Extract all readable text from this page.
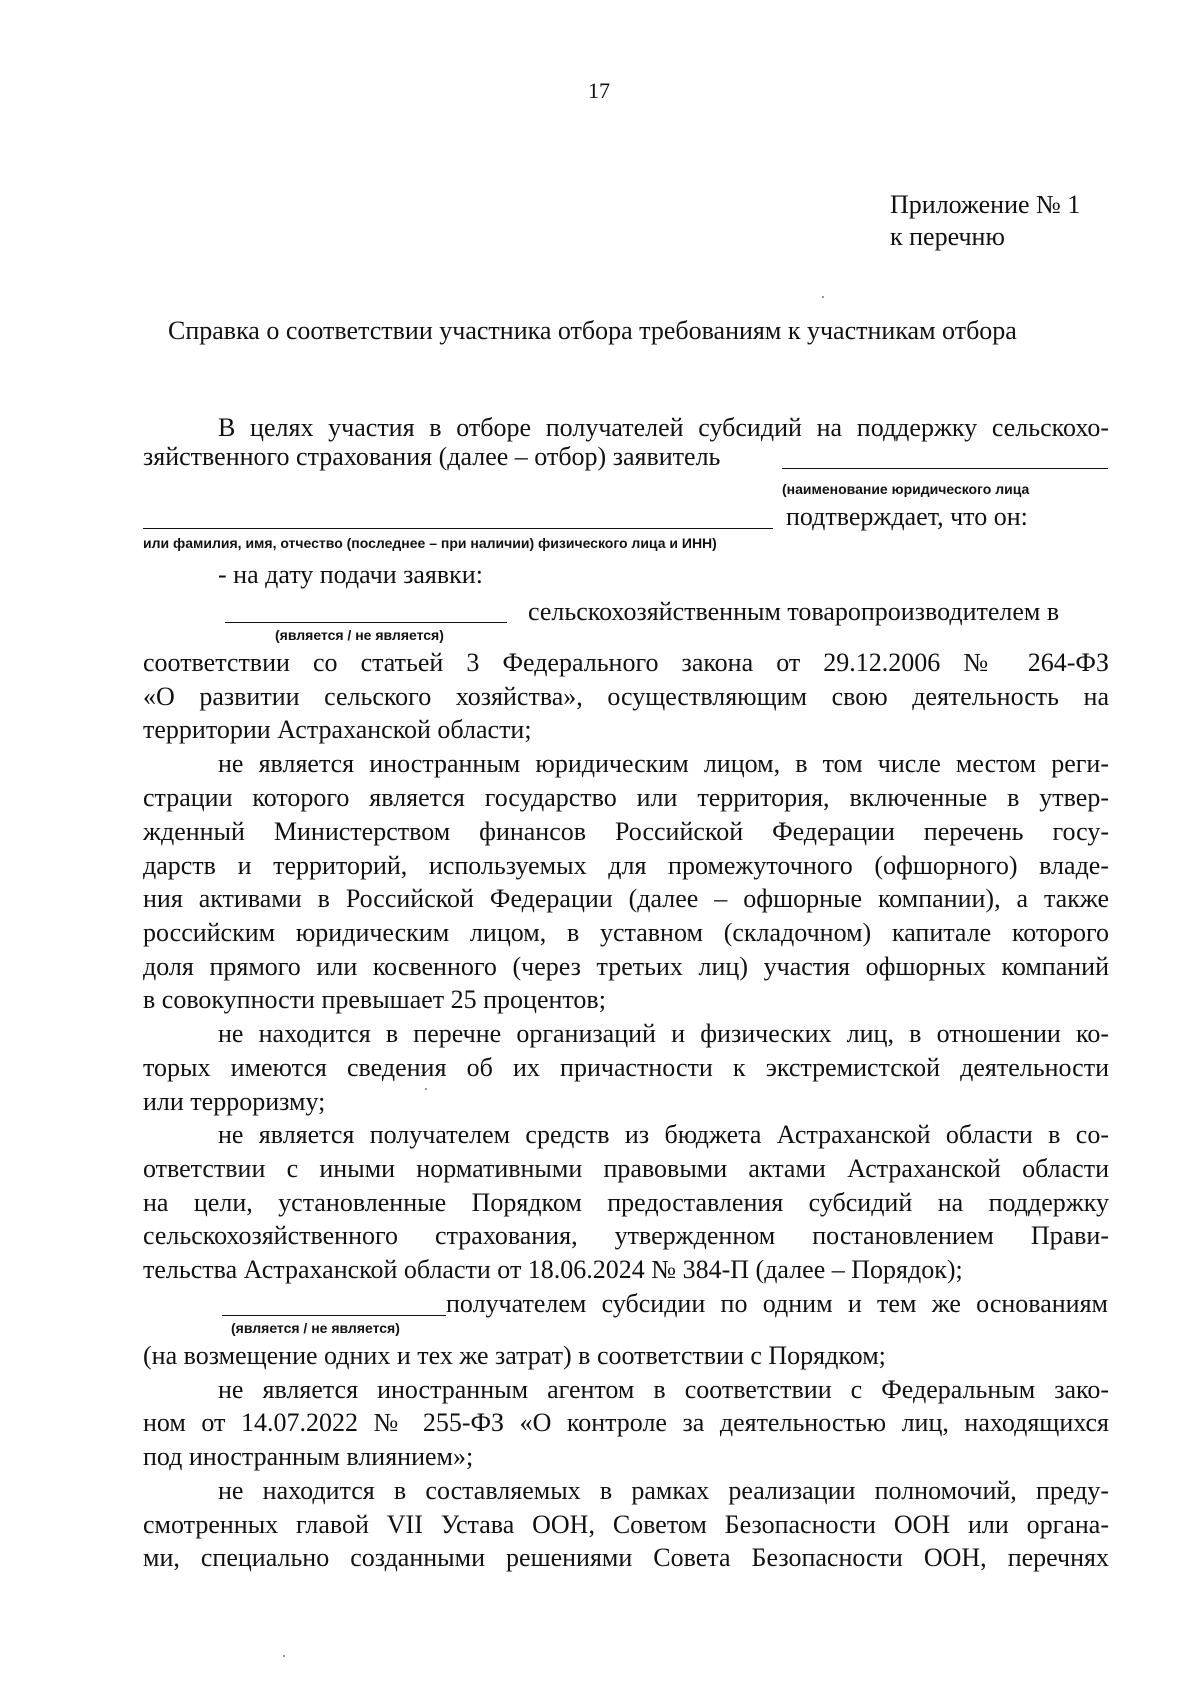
17
Приложение № 1
к перечню
Справка о соответствии участника отбора требованиям к участникам отбора
В целях участия в отборе получателей субсидий на поддержку сельскохо-
зяйственного страхования (далее – отбор) заявитель
(наименование юридического лица
подтверждает, что он:
или фамилия, имя, отчество (последнее – при наличии) физического лица и ИНН)
- на дату подачи заявки:
сельскохозяйственным товаропроизводителем в
(является / не является)
соответствии со статьей 3 Федерального закона от 29.12.2006 № 264-ФЗ
«О развитии сельского хозяйства», осуществляющим свою деятельность на
территории Астраханской области;
не является иностранным юридическим лицом, в том числе местом реги-
страции которого является государство или территория, включенные в утвер-
жденный Министерством финансов Российской Федерации перечень госу-
дарств и территорий, используемых для промежуточного (офшорного) владе-
ния активами в Российской Федерации (далее – офшорные компании), а также
российским юридическим лицом, в уставном (складочном) капитале которого
доля прямого или косвенного (через третьих лиц) участия офшорных компаний
в совокупности превышает 25 процентов;
не находится в перечне организаций и физических лиц, в отношении ко-
торых имеются сведения об их причастности к экстремистской деятельности
или терроризму;
не является получателем средств из бюджета Астраханской области в со-
ответствии с иными нормативными правовыми актами Астраханской области
на цели, установленные Порядком предоставления субсидий на поддержку
сельскохозяйственного страхования, утвержденном постановлением Прави-
тельства Астраханской области от 18.06.2024 № 384-П (далее – Порядок);
получателем субсидии по одним и тем же основаниям
(является / не является)
(на возмещение одних и тех же затрат) в соответствии с Порядком;
не является иностранным агентом в соответствии с Федеральным зако-
ном от 14.07.2022 № 255-ФЗ «О контроле за деятельностью лиц, находящихся
под иностранным влиянием»;
не находится в составляемых в рамках реализации полномочий, преду-
смотренных главой VII Устава ООН, Советом Безопасности ООН или органа-
ми, специально созданными решениями Совета Безопасности ООН, перечнях
